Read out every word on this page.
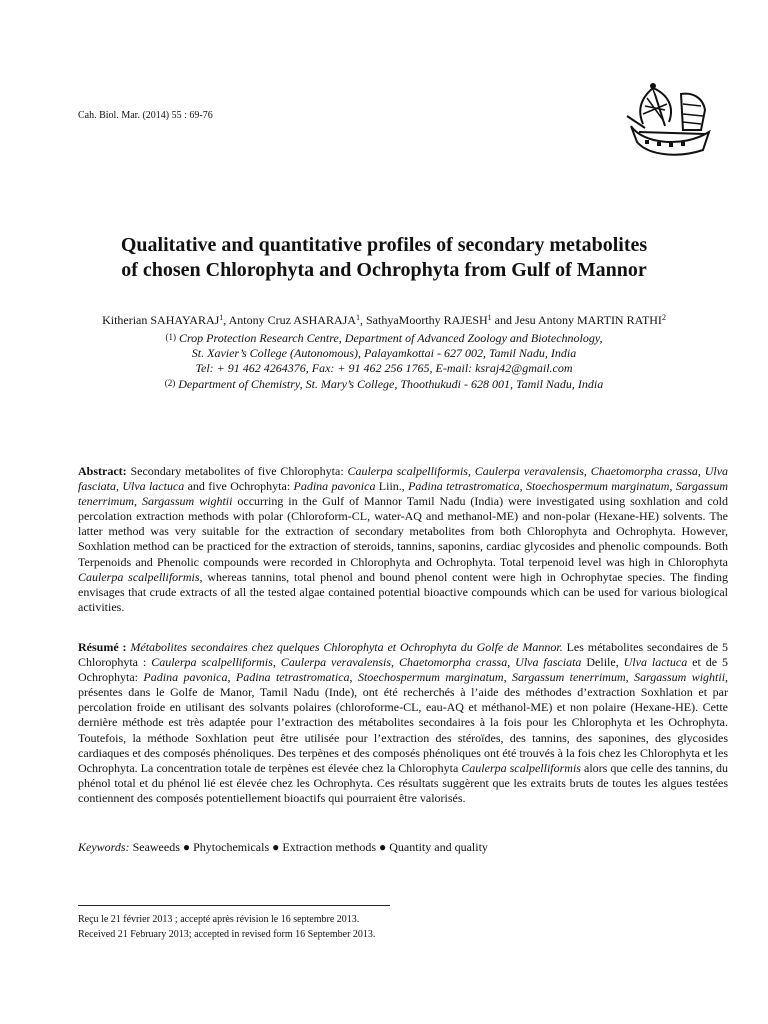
Cah. Biol. Mar. (2014) 55 : 69-76
Qualitative and quantitative profiles of secondary metabolites
of chosen Chlorophyta and Ochrophyta from Gulf of Mannor
Kitherian SAHAYARAJ$^1$, Antony Cruz ASHARAJA$^1$, SathyaMoorthy RAJESH$^1$ and Jesu Antony MARTIN RATHI$^2$
(1) Crop Protection Research Centre, Department of Advanced Zoology and Biotechnology,
St. Xavier’s College (Autonomous), Palayamkottai - 627 002, Tamil Nadu, India
Tel: + 91 462 4264376, Fax: + 91 462 256 1765, E-mail: ksraj42@gmail.com
(2) Department of Chemistry, St. Mary’s College, Thoothukudi - 628 001, Tamil Nadu, India
Abstract: Secondary metabolites of five Chlorophyta: Caulerpa scalpelliformis, Caulerpa veravalensis, Chaetomorpha crassa, Ulva fasciata, Ulva lactuca and five Ochrophyta: Padina pavonica Liin., Padina tetrastromatica, Stoechospermum marginatum, Sargassum tenerrimum, Sargassum wightii occurring in the Gulf of Mannor Tamil Nadu (India) were investigated using soxhlation and cold percolation extraction methods with polar (Chloroform-CL, water-AQ and methanol-ME) and non-polar (Hexane-HE) solvents. The latter method was very suitable for the extraction of secondary metabolites from both Chlorophyta and Ochrophyta. However, Soxhlation method can be practiced for the extraction of steroids, tannins, saponins, cardiac glycosides and phenolic compounds. Both Terpenoids and Phenolic compounds were recorded in Chlorophyta and Ochrophyta. Total terpenoid level was high in Chlorophyta Caulerpa scalpelliformis, whereas tannins, total phenol and bound phenol content were high in Ochrophytae species. The finding envisages that crude extracts of all the tested algae contained potential bioactive compounds which can be used for various biological activities.
Résumé : Métabolites secondaires chez quelques Chlorophyta et Ochrophyta du Golfe de Mannor. Les métabolites secondaires de 5 Chlorophyta : Caulerpa scalpelliformis, Caulerpa veravalensis, Chaetomorpha crassa, Ulva fasciata Delile, Ulva lactuca et de 5 Ochrophyta: Padina pavonica, Padina tetrastromatica, Stoechospermum marginatum, Sargassum tenerrimum, Sargassum wightii, présentes dans le Golfe de Manor, Tamil Nadu (Inde), ont été recherchés à l’aide des méthodes d’extraction Soxhlation et par percolation froide en utilisant des solvants polaires (chloroforme-CL, eau-AQ et méthanol-ME) et non polaire (Hexane-HE). Cette dernière méthode est très adaptée pour l’extraction des métabolites secondaires à la fois pour les Chlorophyta et les Ochrophyta. Toutefois, la méthode Soxhlation peut être utilisée pour l’extraction des stéroïdes, des tannins, des saponines, des glycosides cardiaques et des composés phénoliques. Des terpènes et des composés phénoliques ont été trouvés à la fois chez les Chlorophyta et les Ochrophyta. La concentration totale de terpènes est élevée chez la Chlorophyta Caulerpa scalpelliformis alors que celle des tannins, du phénol total et du phénol lié est élevée chez les Ochrophyta. Ces résultats suggèrent que les extraits bruts de toutes les algues testées contiennent des composés potentiellement bioactifs qui pourraient être valorisés.
Keywords: Seaweeds ● Phytochemicals ● Extraction methods ● Quantity and quality
Reçu le 21 février 2013 ; accepté après révision le 16 septembre 2013.
Received 21 February 2013; accepted in revised form 16 September 2013.
